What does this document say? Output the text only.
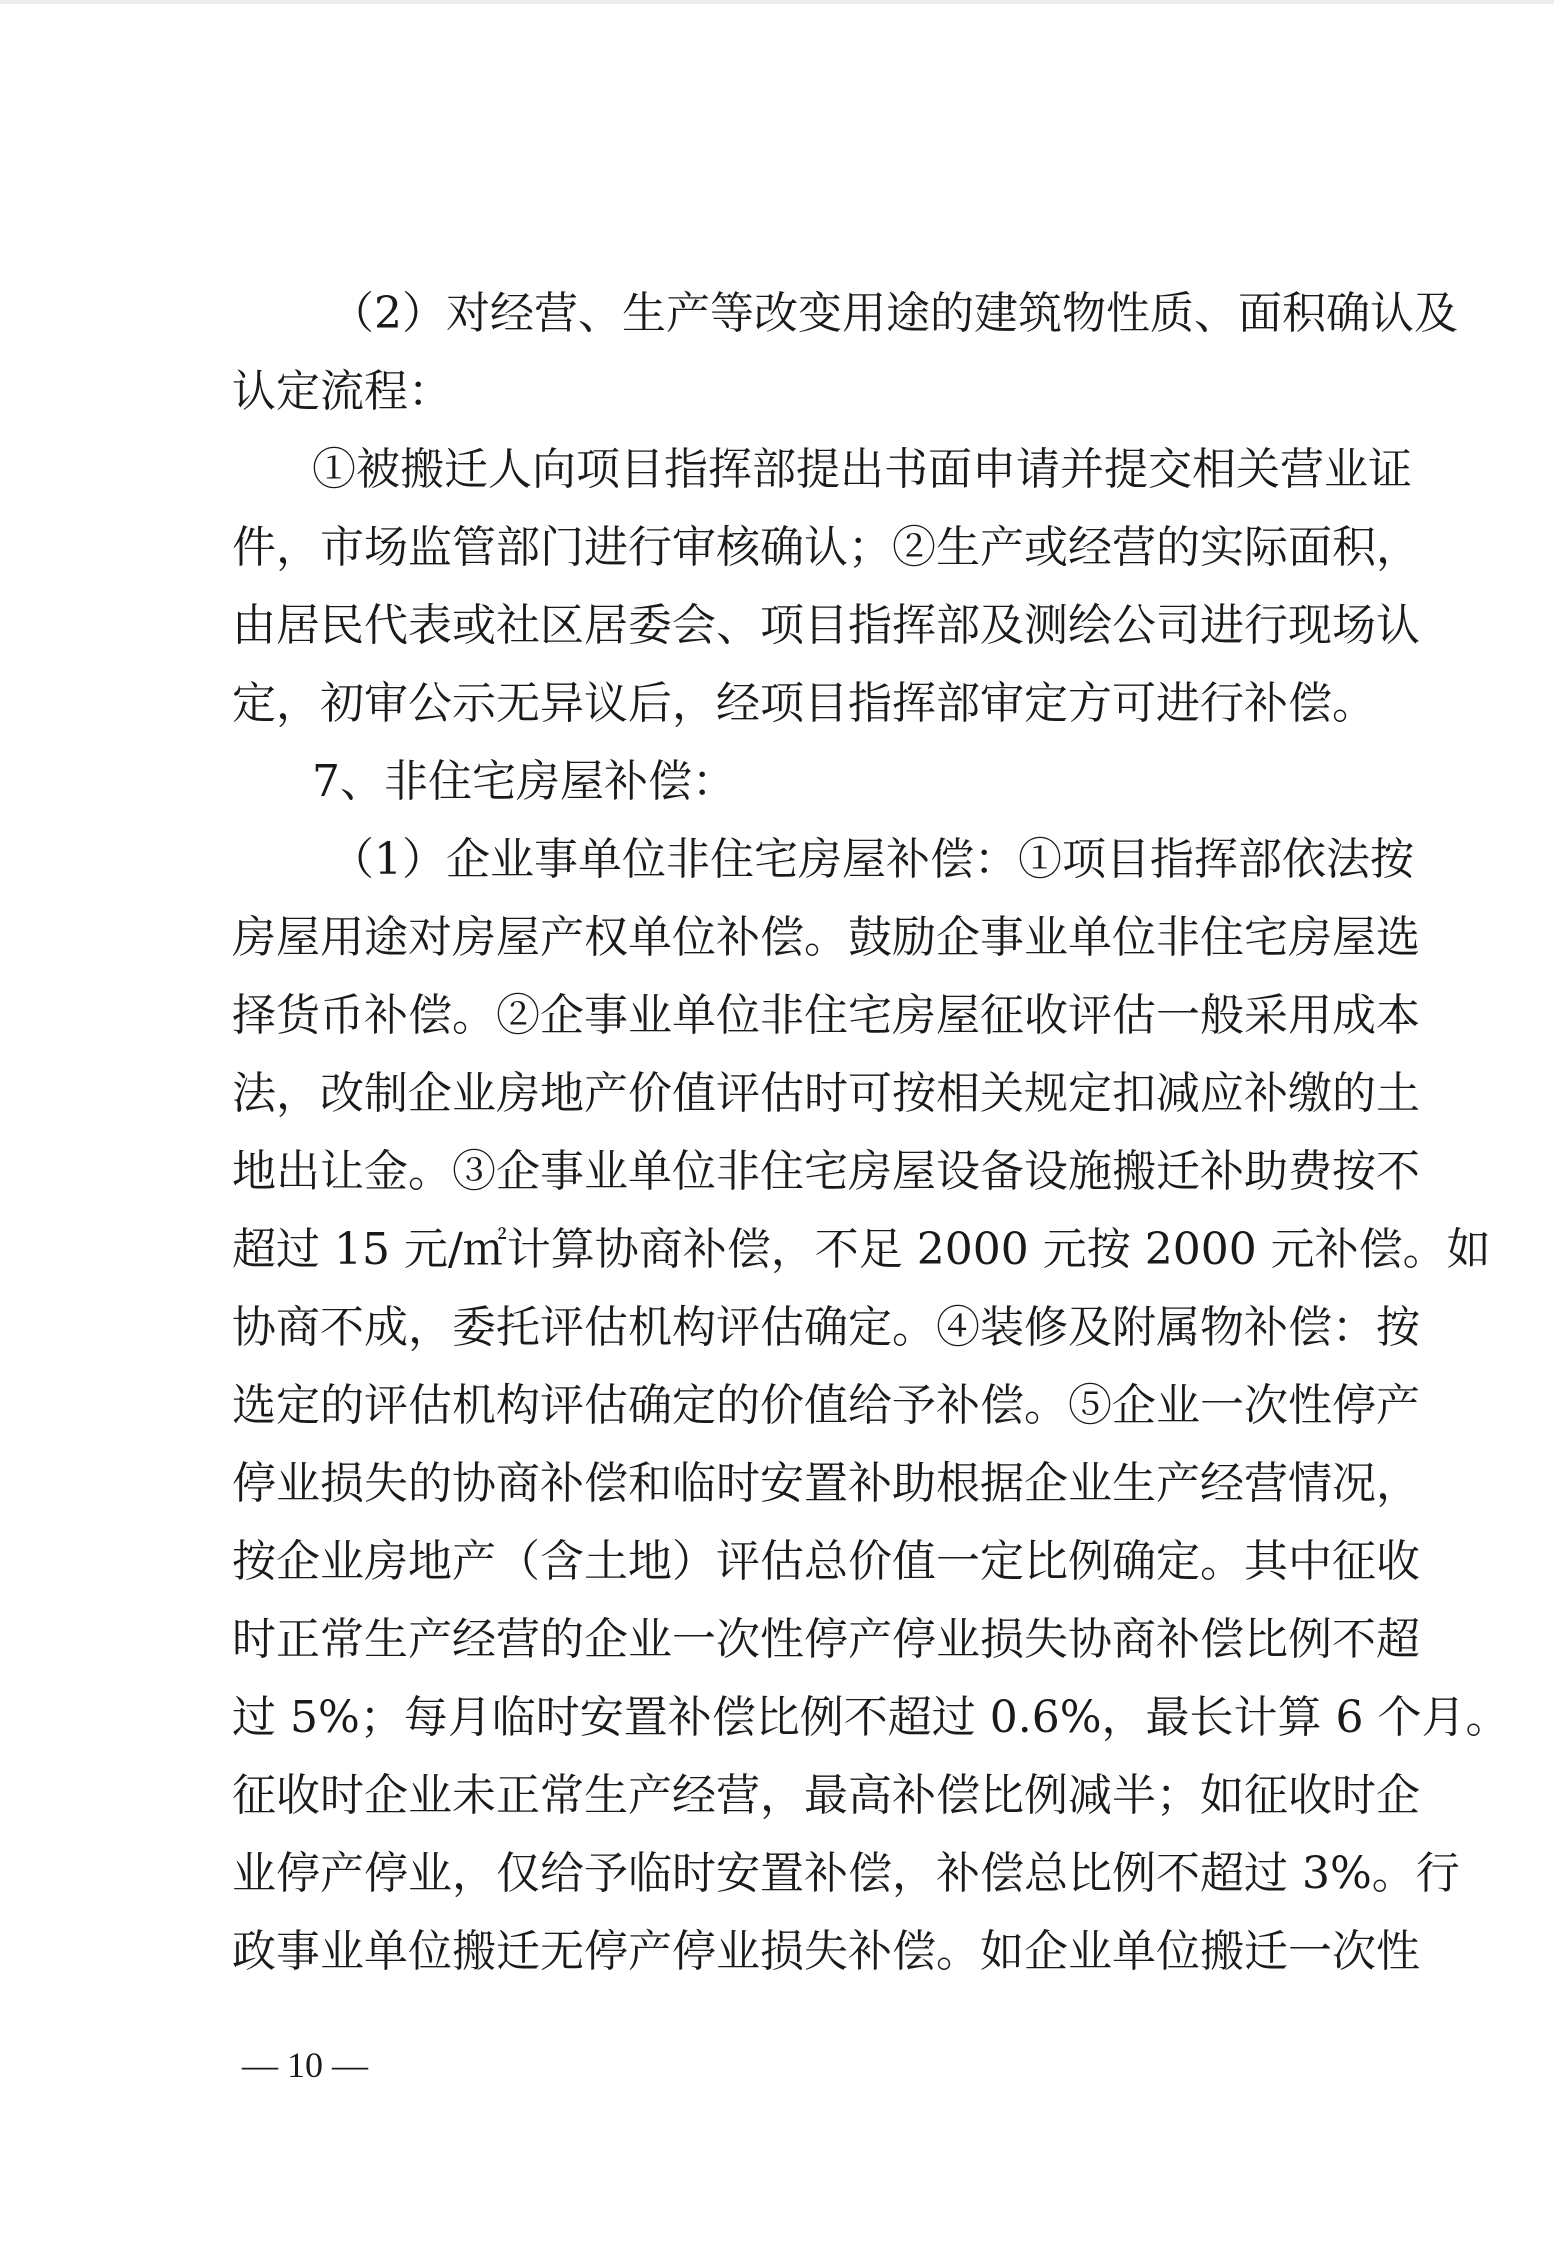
（2）对经营、生产等改变用途的建筑物性质、面积确认及
认定流程：
①被搬迁人向项目指挥部提出书面申请并提交相关营业证
件，市场监管部门进行审核确认；②生产或经营的实际面积，
由居民代表或社区居委会、项目指挥部及测绘公司进行现场认
定，初审公示无异议后，经项目指挥部审定方可进行补偿。
7、非住宅房屋补偿：
（1）企业事单位非住宅房屋补偿：①项目指挥部依法按
房屋用途对房屋产权单位补偿。鼓励企事业单位非住宅房屋选
择货币补偿。②企事业单位非住宅房屋征收评估一般采用成本
法，改制企业房地产价值评估时可按相关规定扣减应补缴的土
地出让金。③企事业单位非住宅房屋设备设施搬迁补助费按不
超过 15 元/㎡计算协商补偿，不足 2000 元按 2000 元补偿。如
协商不成，委托评估机构评估确定。④装修及附属物补偿：按
选定的评估机构评估确定的价值给予补偿。⑤企业一次性停产
停业损失的协商补偿和临时安置补助根据企业生产经营情况，
按企业房地产（含土地）评估总价值一定比例确定。其中征收
时正常生产经营的企业一次性停产停业损失协商补偿比例不超
过 5%；每月临时安置补偿比例不超过 0.6%，最长计算 6 个月。
征收时企业未正常生产经营，最高补偿比例减半；如征收时企
业停产停业，仅给予临时安置补偿，补偿总比例不超过 3%。行
政事业单位搬迁无停产停业损失补偿。如企业单位搬迁一次性
— 10 —
